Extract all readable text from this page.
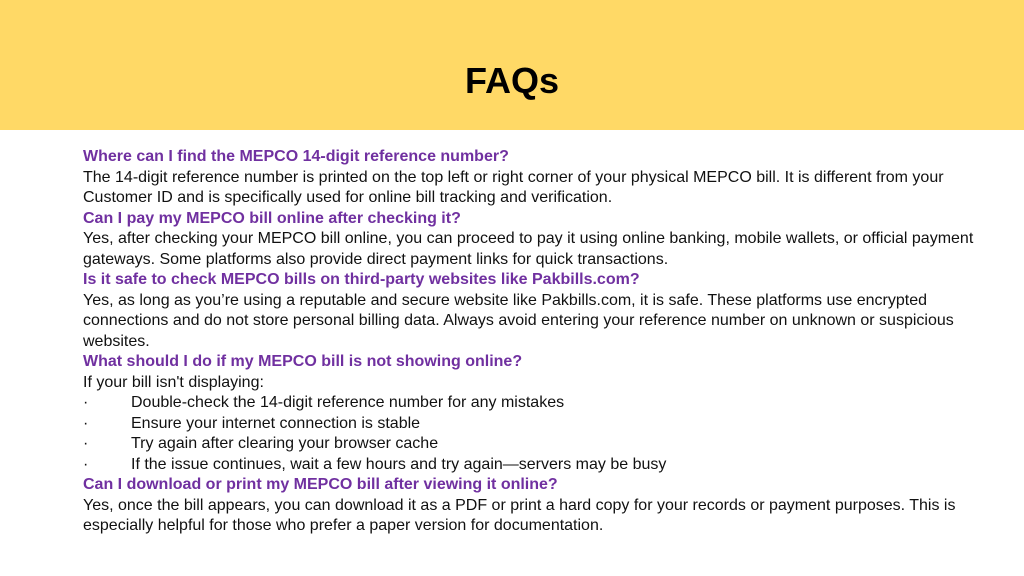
FAQs
Where can I find the MEPCO 14-digit reference number?
The 14-digit reference number is printed on the top left or right corner of your physical MEPCO bill. It is different from your Customer ID and is specifically used for online bill tracking and verification.
Can I pay my MEPCO bill online after checking it?
Yes, after checking your MEPCO bill online, you can proceed to pay it using online banking, mobile wallets, or official payment gateways. Some platforms also provide direct payment links for quick transactions.
Is it safe to check MEPCO bills on third-party websites like Pakbills.com?
Yes, as long as you’re using a reputable and secure website like Pakbills.com, it is safe. These platforms use encrypted connections and do not store personal billing data. Always avoid entering your reference number on unknown or suspicious websites.
What should I do if my MEPCO bill is not showing online?
If your bill isn't displaying:
·	Double-check the 14-digit reference number for any mistakes
·	Ensure your internet connection is stable
·	Try again after clearing your browser cache
·	If the issue continues, wait a few hours and try again—servers may be busy
Can I download or print my MEPCO bill after viewing it online?
Yes, once the bill appears, you can download it as a PDF or print a hard copy for your records or payment purposes. This is especially helpful for those who prefer a paper version for documentation.
